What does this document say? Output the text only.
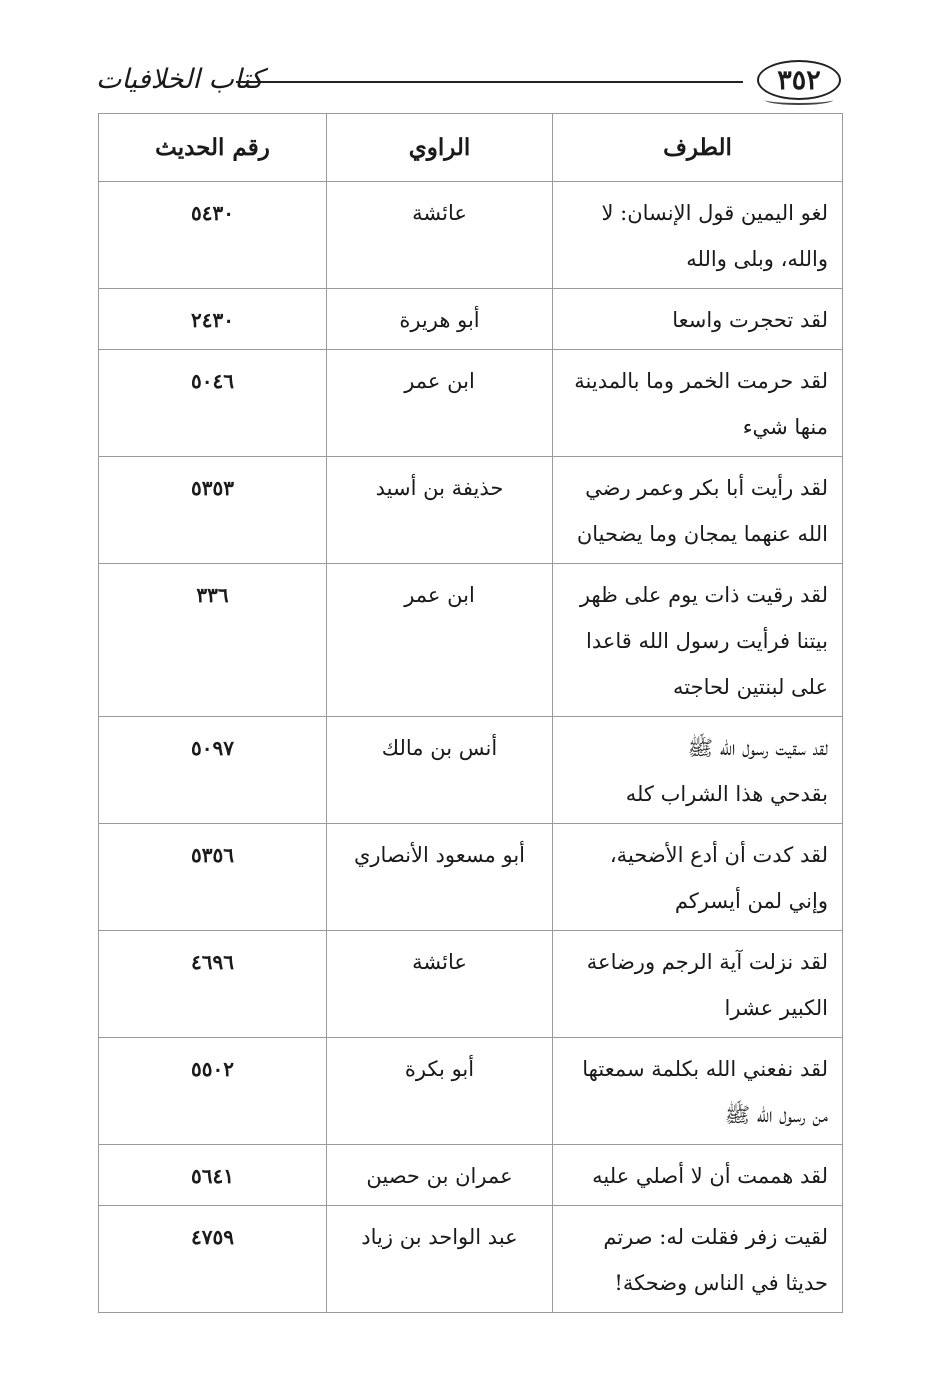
كتاب الخلافيات	٣٥٢
الطرف	الراوي	رقم الحديث

لغو اليمين قول الإنسان: لا
والله، وبلى والله	عائشة	٥٤٣٠

لقد تحجرت واسعا	أبو هريرة	٢٤٣٠

لقد حرمت الخمر وما بالمدينة
منها شيء	ابن عمر	٥٠٤٦

لقد رأيت أبا بكر وعمر رضي
الله عنهما يمجان وما يضحيان	حذيفة بن أسيد	٥٣٥٣

لقد رقيت ذات يوم على ظهر
بيتنا فرأيت رسول الله قاعدا
على لبنتين لحاجته	ابن عمر	٣٣٦

لقد سقيت رسول الله ﷺ
بقدحي هذا الشراب كله	أنس بن مالك	٥٠٩٧

لقد كدت أن أدع الأضحية،
وإني لمن أيسركم	أبو مسعود الأنصاري	٥٣٥٦

لقد نزلت آية الرجم ورضاعة
الكبير عشرا	عائشة	٤٦٩٦

لقد نفعني الله بكلمة سمعتها
من رسول الله ﷺ	أبو بكرة	٥٥٠٢

لقد هممت أن لا أصلي عليه	عمران بن حصين	٥٦٤١

لقيت زفر فقلت له: صرتم
حديثا في الناس وضحكة!	عبد الواحد بن زياد	٤٧٥٩
